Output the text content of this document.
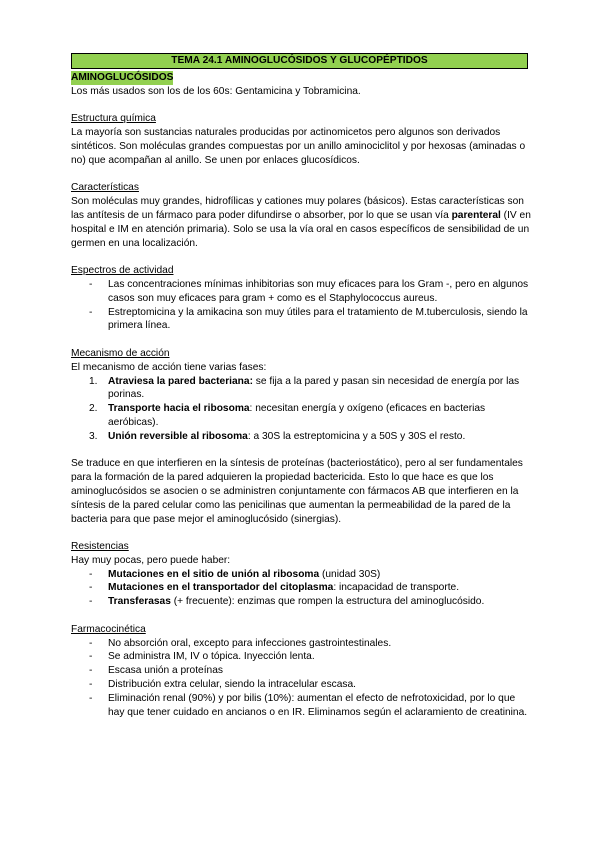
TEMA 24.1 AMINOGLUCÓSIDOS Y GLUCOPÉPTIDOS

AMINOGLUCÓSIDOS

Los más usados son los de los 60s: Gentamicina y Tobramicina.

Estructura química

La mayoría son sustancias naturales producidas por actinomicetos pero algunos son derivados sintéticos. Son moléculas grandes compuestas por un anillo aminociclitol y por hexosas (aminadas o no) que acompañan al anillo. Se unen por enlaces glucosídicos.

Características

Son moléculas muy grandes, hidrofílicas y cationes muy polares (básicos). Estas características son las antítesis de un fármaco para poder difundirse o absorber, por lo que se usan vía parenteral (IV en hospital e IM en atención primaria). Solo se usa la vía oral en casos específicos de sensibilidad de un germen en una localización.

Espectros de actividad

- Las concentraciones mínimas inhibitorias son muy eficaces para los Gram -, pero en algunos casos son muy eficaces para gram + como es el Staphylococcus aureus.
- Estreptomicina y la amikacina son muy útiles para el tratamiento de M.tuberculosis, siendo la primera línea.

Mecanismo de acción

El mecanismo de acción tiene varias fases:

1. Atraviesa la pared bacteriana: se fija a la pared y pasan sin necesidad de energía por las porinas.
2. Transporte hacia el ribosoma: necesitan energía y oxígeno (eficaces en bacterias aeróbicas).
3. Unión reversible al ribosoma: a 30S la estreptomicina y a 50S y 30S el resto.

Se traduce en que interfieren en la síntesis de proteínas (bacteriostático), pero al ser fundamentales para la formación de la pared adquieren la propiedad bactericida. Esto lo que hace es que los aminoglucósidos se asocien o se administren conjuntamente con fármacos AB que interfieren en la síntesis de la pared celular como las penicilinas que aumentan la permeabilidad de la pared de la bacteria para que pase mejor el aminoglucósido (sinergias).

Resistencias

Hay muy pocas, pero puede haber:

- Mutaciones en el sitio de unión al ribosoma (unidad 30S)
- Mutaciones en el transportador del citoplasma: incapacidad de transporte.
- Transferasas (+ frecuente): enzimas que rompen la estructura del aminoglucósido.

Farmacocinética

- No absorción oral, excepto para infecciones gastrointestinales.
- Se administra IM, IV o tópica. Inyección lenta.
- Escasa unión a proteínas
- Distribución extra celular, siendo la intracelular escasa.
- Eliminación renal (90%) y por bilis (10%): aumentan el efecto de nefrotoxicidad, por lo que hay que tener cuidado en ancianos o en IR. Eliminamos según el aclaramiento de creatinina.
